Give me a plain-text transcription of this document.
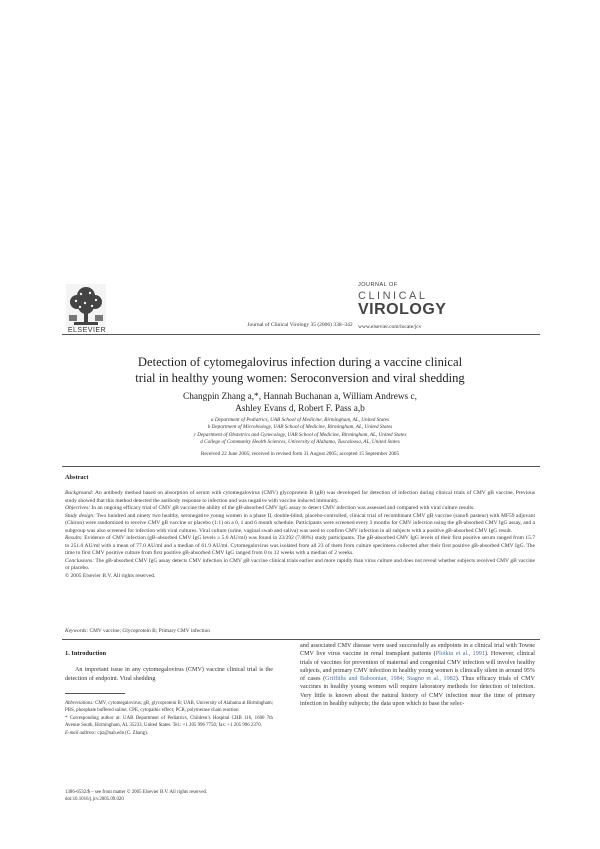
ELSEVIER
Journal of Clinical Virology 35 (2006) 338–342
JOURNAL OF
CLINICAL
VIROLOGY
www.elsevier.com/locate/jcv
Detection of cytomegalovirus infection during a vaccine clinical
trial in healthy young women: Seroconversion and viral shedding
Changpin Zhang a,*, Hannah Buchanan a, William Andrews c,
Ashley Evans d, Robert F. Pass a,b
a Department of Pediatrics, UAB School of Medicine, Birmingham, AL, United States
b Department of Microbiology, UAB School of Medicine, Birmingham, AL, United States
c Department of Obstetrics and Gynecology, UAB School of Medicine, Birmingham, AL, United States
d College of Community Health Sciences, University of Alabama, Tuscaloosa, AL, United States
Received 22 June 2005; received in revised form 31 August 2005; accepted 15 September 2005
Abstract

Background: An antibody method based on absorption of serum with cytomegalovirus (CMV) glycoprotein B (gB) was developed for detection of infection during clinical trials of CMV gB vaccine. Previous study showed that this method detected the antibody response to infection and was negative with vaccine induced immunity.

Objectives: In an ongoing efficacy trial of CMV gB vaccine the ability of the gB-absorbed CMV IgG assay to detect CMV infection was assessed and compared with viral culture results.

Study design: Two hundred and ninety two healthy, seronegative young women in a phase II, double-blind, placebo-controlled, clinical trial of recombinant CMV gB vaccine (sanofi pasteur) with MF59 adjuvant (Chiron) were randomized to receive CMV gB vaccine or placebo (1:1) on a 0, 1 and 6 month schedule. Participants were screened every 3 months for CMV infection using the gB-absorbed CMV IgG assay, and a subgroup was also screened for infection with viral cultures. Viral culture (urine, vaginal swab and saliva) was used to confirm CMV infection in all subjects with a positive gB-absorbed CMV IgG result.

Results: Evidence of CMV infection (gB-absorbed CMV IgG levels ≥ 5.0 AU/ml) was found in 23/292 (7.88%) study participants. The gB-absorbed CMV IgG levels of their first positive serum ranged from 15.7 to 251.0 AU/ml with a mean of 77.0 AU/ml and a median of 61.9 AU/ml. Cytomegalovirus was isolated from all 23 of them from culture specimens collected after their first positive gB-absorbed CMV IgG. The time to first CMV positive culture from first positive gB-absorbed CMV IgG ranged from 0 to 12 weeks with a median of 2 weeks.

Conclusions: The gB-absorbed CMV IgG assay detects CMV infection in CMV gB vaccine clinical trials earlier and more rapidly than virus culture and does not reveal whether subjects received CMV gB vaccine or placebo.

© 2005 Elsevier B.V. All rights reserved.

Keywords: CMV vaccine; Glycoprotein B; Primary CMV infection
1. Introduction
An important issue in any cytomegalovirus (CMV) vaccine clinical trial is the detection of endpoint. Viral shedding

Abbreviations: CMV, cytomegalovirus; gB, glycoprotein B; UAB, University of Alabama at Birmingham; PBS, phosphate buffered saline; CPE, cytopathic effect; PCR, polymerase chain reaction

* Corresponding author at: UAB Department of Pediatrics, Children’s Hospital CHB 116, 1600 7th Avenue South, Birmingham, AL 35233, United States. Tel.: +1 205 996 7750; fax: +1 205 996 2370.

E-mail address: cpz@uab.edu (C. Zhang).

1386-6532/$ – see front matter © 2005 Elsevier B.V. All rights reserved.
doi:10.1016/j.jcv.2005.09.020
and associated CMV disease were used successfully as endpoints in a clinical trial with Towne CMV live virus vaccine in renal transplant patients (Plotkin et al., 1991). However, clinical trials of vaccines for prevention of maternal and congenital CMV infection will involve healthy subjects, and primary CMV infection in healthy young women is clinically silent in around 95% of cases (Griffiths and Baboonian, 1984; Stagno et al., 1982). Thus efficacy trials of CMV vaccines in healthy young women will require laboratory methods for detection of infection. Very little is known about the natural history of CMV infection near the time of primary infection in healthy subjects; the data upon which to base the selec-
